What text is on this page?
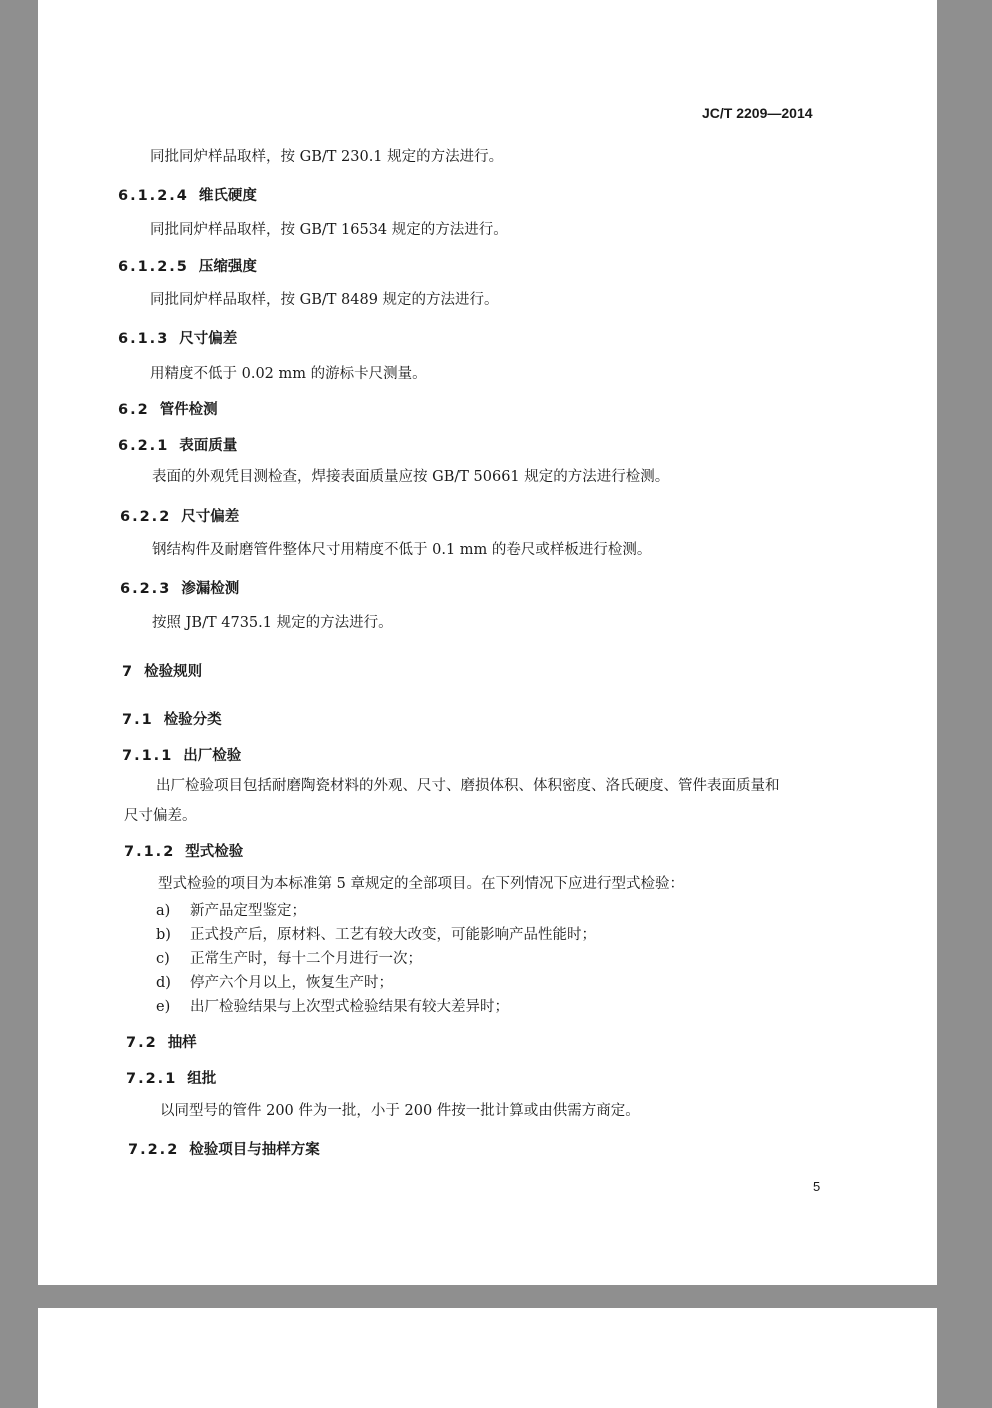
JC/T 2209—2014
同批同炉样品取样，按 GB/T 230.1 规定的方法进行。
6.1.2.4 维氏硬度
同批同炉样品取样，按 GB/T 16534 规定的方法进行。
6.1.2.5 压缩强度
同批同炉样品取样，按 GB/T 8489 规定的方法进行。
6.1.3 尺寸偏差
用精度不低于 0.02 mm 的游标卡尺测量。
6.2 管件检测
6.2.1 表面质量
表面的外观凭目测检查，焊接表面质量应按 GB/T 50661 规定的方法进行检测。
6.2.2 尺寸偏差
钢结构件及耐磨管件整体尺寸用精度不低于 0.1 mm 的卷尺或样板进行检测。
6.2.3 渗漏检测
按照 JB/T 4735.1 规定的方法进行。
7 检验规则
7.1 检验分类
7.1.1 出厂检验
出厂检验项目包括耐磨陶瓷材料的外观、尺寸、磨损体积、体积密度、洛氏硬度、管件表面质量和
尺寸偏差。
7.1.2 型式检验
型式检验的项目为本标准第 5 章规定的全部项目。在下列情况下应进行型式检验：
a) 新产品定型鉴定；
b) 正式投产后，原材料、工艺有较大改变，可能影响产品性能时；
c) 正常生产时，每十二个月进行一次；
d) 停产六个月以上，恢复生产时；
e) 出厂检验结果与上次型式检验结果有较大差异时；
7.2 抽样
7.2.1 组批
以同型号的管件 200 件为一批，小于 200 件按一批计算或由供需方商定。
7.2.2 检验项目与抽样方案
5
